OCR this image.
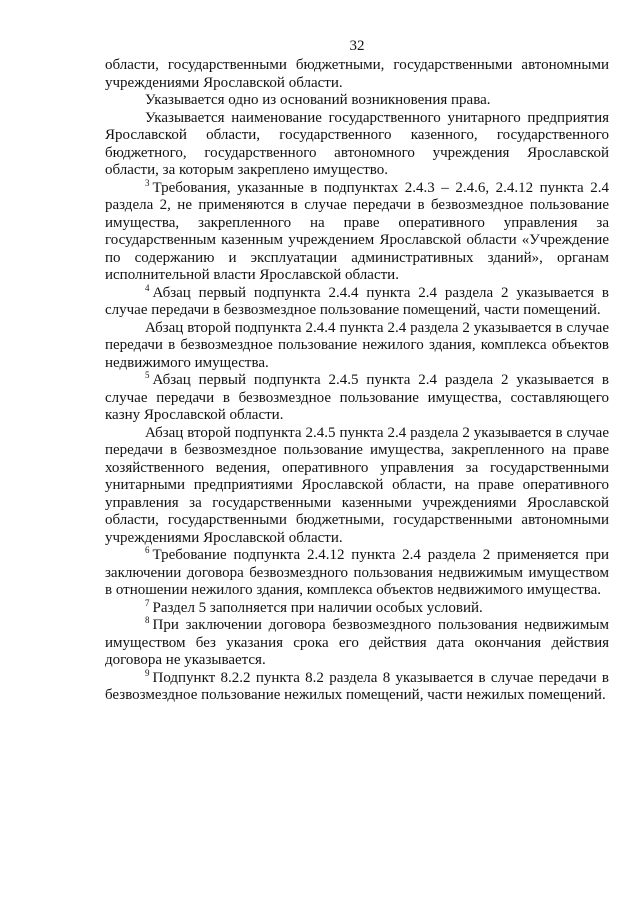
32

области, государственными бюджетными, государственными автономными учреждениями Ярославской области.

Указывается одно из оснований возникновения права.

Указывается наименование государственного унитарного предприятия Ярославской области, государственного казенного, государственного бюджетного, государственного автономного учреждения Ярославской области, за которым закреплено имущество.

$^3$ Требования, указанные в подпунктах 2.4.3 – 2.4.6, 2.4.12 пункта 2.4 раздела 2, не применяются в случае передачи в безвозмездное пользование имущества, закрепленного на праве оперативного управления за государственным казенным учреждением Ярославской области «Учреждение по содержанию и эксплуатации административных зданий», органам исполнительной власти Ярославской области.

$^4$ Абзац первый подпункта 2.4.4 пункта 2.4 раздела 2 указывается в случае передачи в безвозмездное пользование помещений, части помещений.

Абзац второй подпункта 2.4.4 пункта 2.4 раздела 2 указывается в случае передачи в безвозмездное пользование нежилого здания, комплекса объектов недвижимого имущества.

$^5$ Абзац первый подпункта 2.4.5 пункта 2.4 раздела 2 указывается в случае передачи в безвозмездное пользование имущества, составляющего казну Ярославской области.

Абзац второй подпункта 2.4.5 пункта 2.4 раздела 2 указывается в случае передачи в безвозмездное пользование имущества, закрепленного на праве хозяйственного ведения, оперативного управления за государственными унитарными предприятиями Ярославской области, на праве оперативного управления за государственными казенными учреждениями Ярославской области, государственными бюджетными, государственными автономными учреждениями Ярославской области.

$^6$ Требование подпункта 2.4.12 пункта 2.4 раздела 2 применяется при заключении договора безвозмездного пользования недвижимым имуществом в отношении нежилого здания, комплекса объектов недвижимого имущества.

$^7$ Раздел 5 заполняется при наличии особых условий.

$^8$ При заключении договора безвозмездного пользования недвижимым имуществом без указания срока его действия дата окончания действия договора не указывается.

$^9$ Подпункт 8.2.2 пункта 8.2 раздела 8 указывается в случае передачи в безвозмездное пользование нежилых помещений, части нежилых помещений.
